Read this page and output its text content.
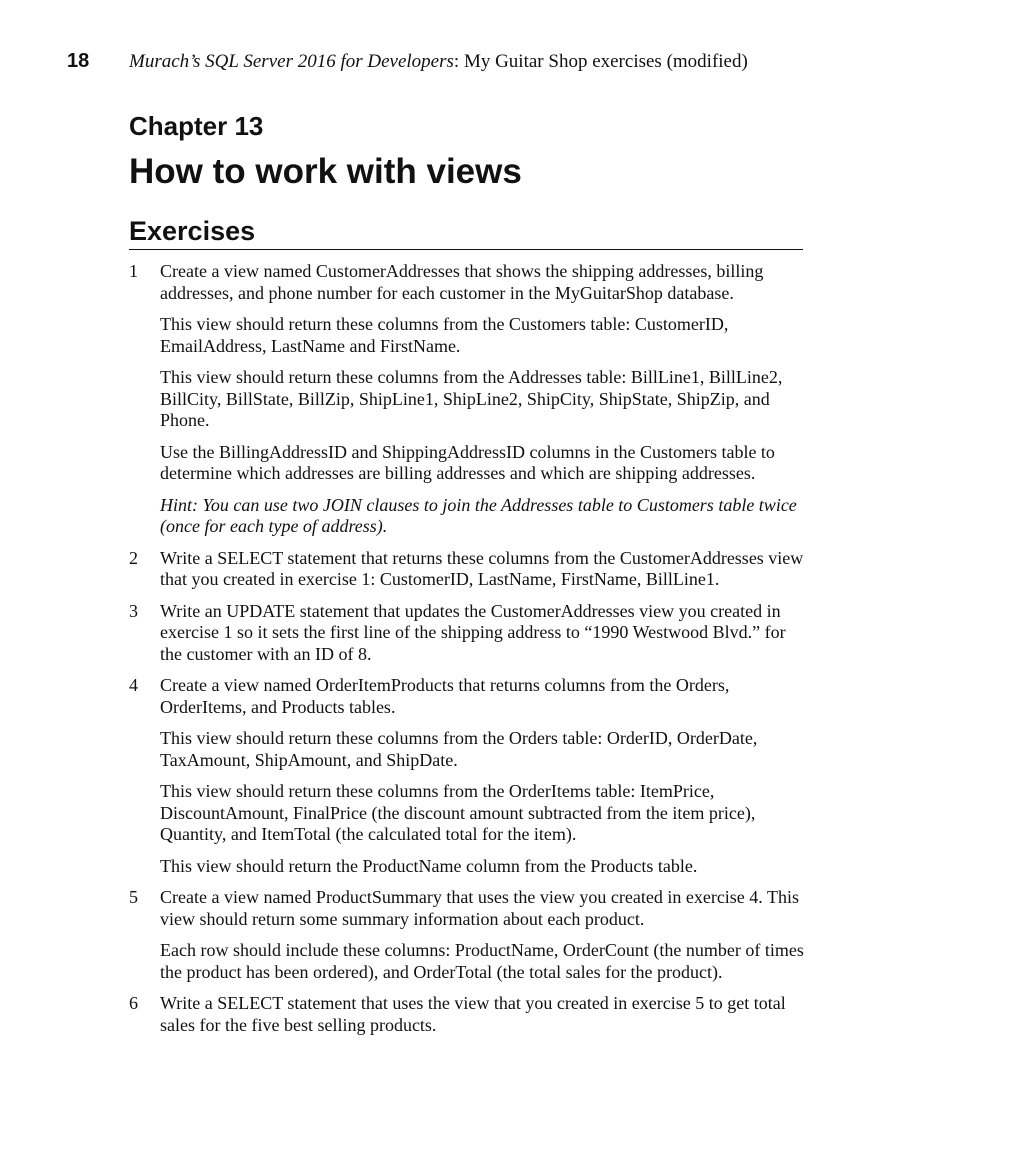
18 Murach’s SQL Server 2016 for Developers: My Guitar Shop exercises (modified)
Chapter 13
How to work with views
Exercises
1 Create a view named CustomerAddresses that shows the shipping addresses, billing addresses, and phone number for each customer in the MyGuitarShop database.

This view should return these columns from the Customers table: CustomerID, EmailAddress, LastName and FirstName.

This view should return these columns from the Addresses table: BillLine1, BillLine2, BillCity, BillState, BillZip, ShipLine1, ShipLine2, ShipCity, ShipState, ShipZip, and Phone.

Use the BillingAddressID and ShippingAddressID columns in the Customers table to determine which addresses are billing addresses and which are shipping addresses.

Hint: You can use two JOIN clauses to join the Addresses table to Customers table twice (once for each type of address).

2 Write a SELECT statement that returns these columns from the CustomerAddresses view that you created in exercise 1: CustomerID, LastName, FirstName, BillLine1.

3 Write an UPDATE statement that updates the CustomerAddresses view you created in exercise 1 so it sets the first line of the shipping address to “1990 Westwood Blvd.” for the customer with an ID of 8.

4 Create a view named OrderItemProducts that returns columns from the Orders, OrderItems, and Products tables.

This view should return these columns from the Orders table: OrderID, OrderDate, TaxAmount, ShipAmount, and ShipDate.

This view should return these columns from the OrderItems table: ItemPrice, DiscountAmount, FinalPrice (the discount amount subtracted from the item price), Quantity, and ItemTotal (the calculated total for the item).

This view should return the ProductName column from the Products table.

5 Create a view named ProductSummary that uses the view you created in exercise 4. This view should return some summary information about each product.

Each row should include these columns: ProductName, OrderCount (the number of times the product has been ordered), and OrderTotal (the total sales for the product).

6 Write a SELECT statement that uses the view that you created in exercise 5 to get total sales for the five best selling products.
